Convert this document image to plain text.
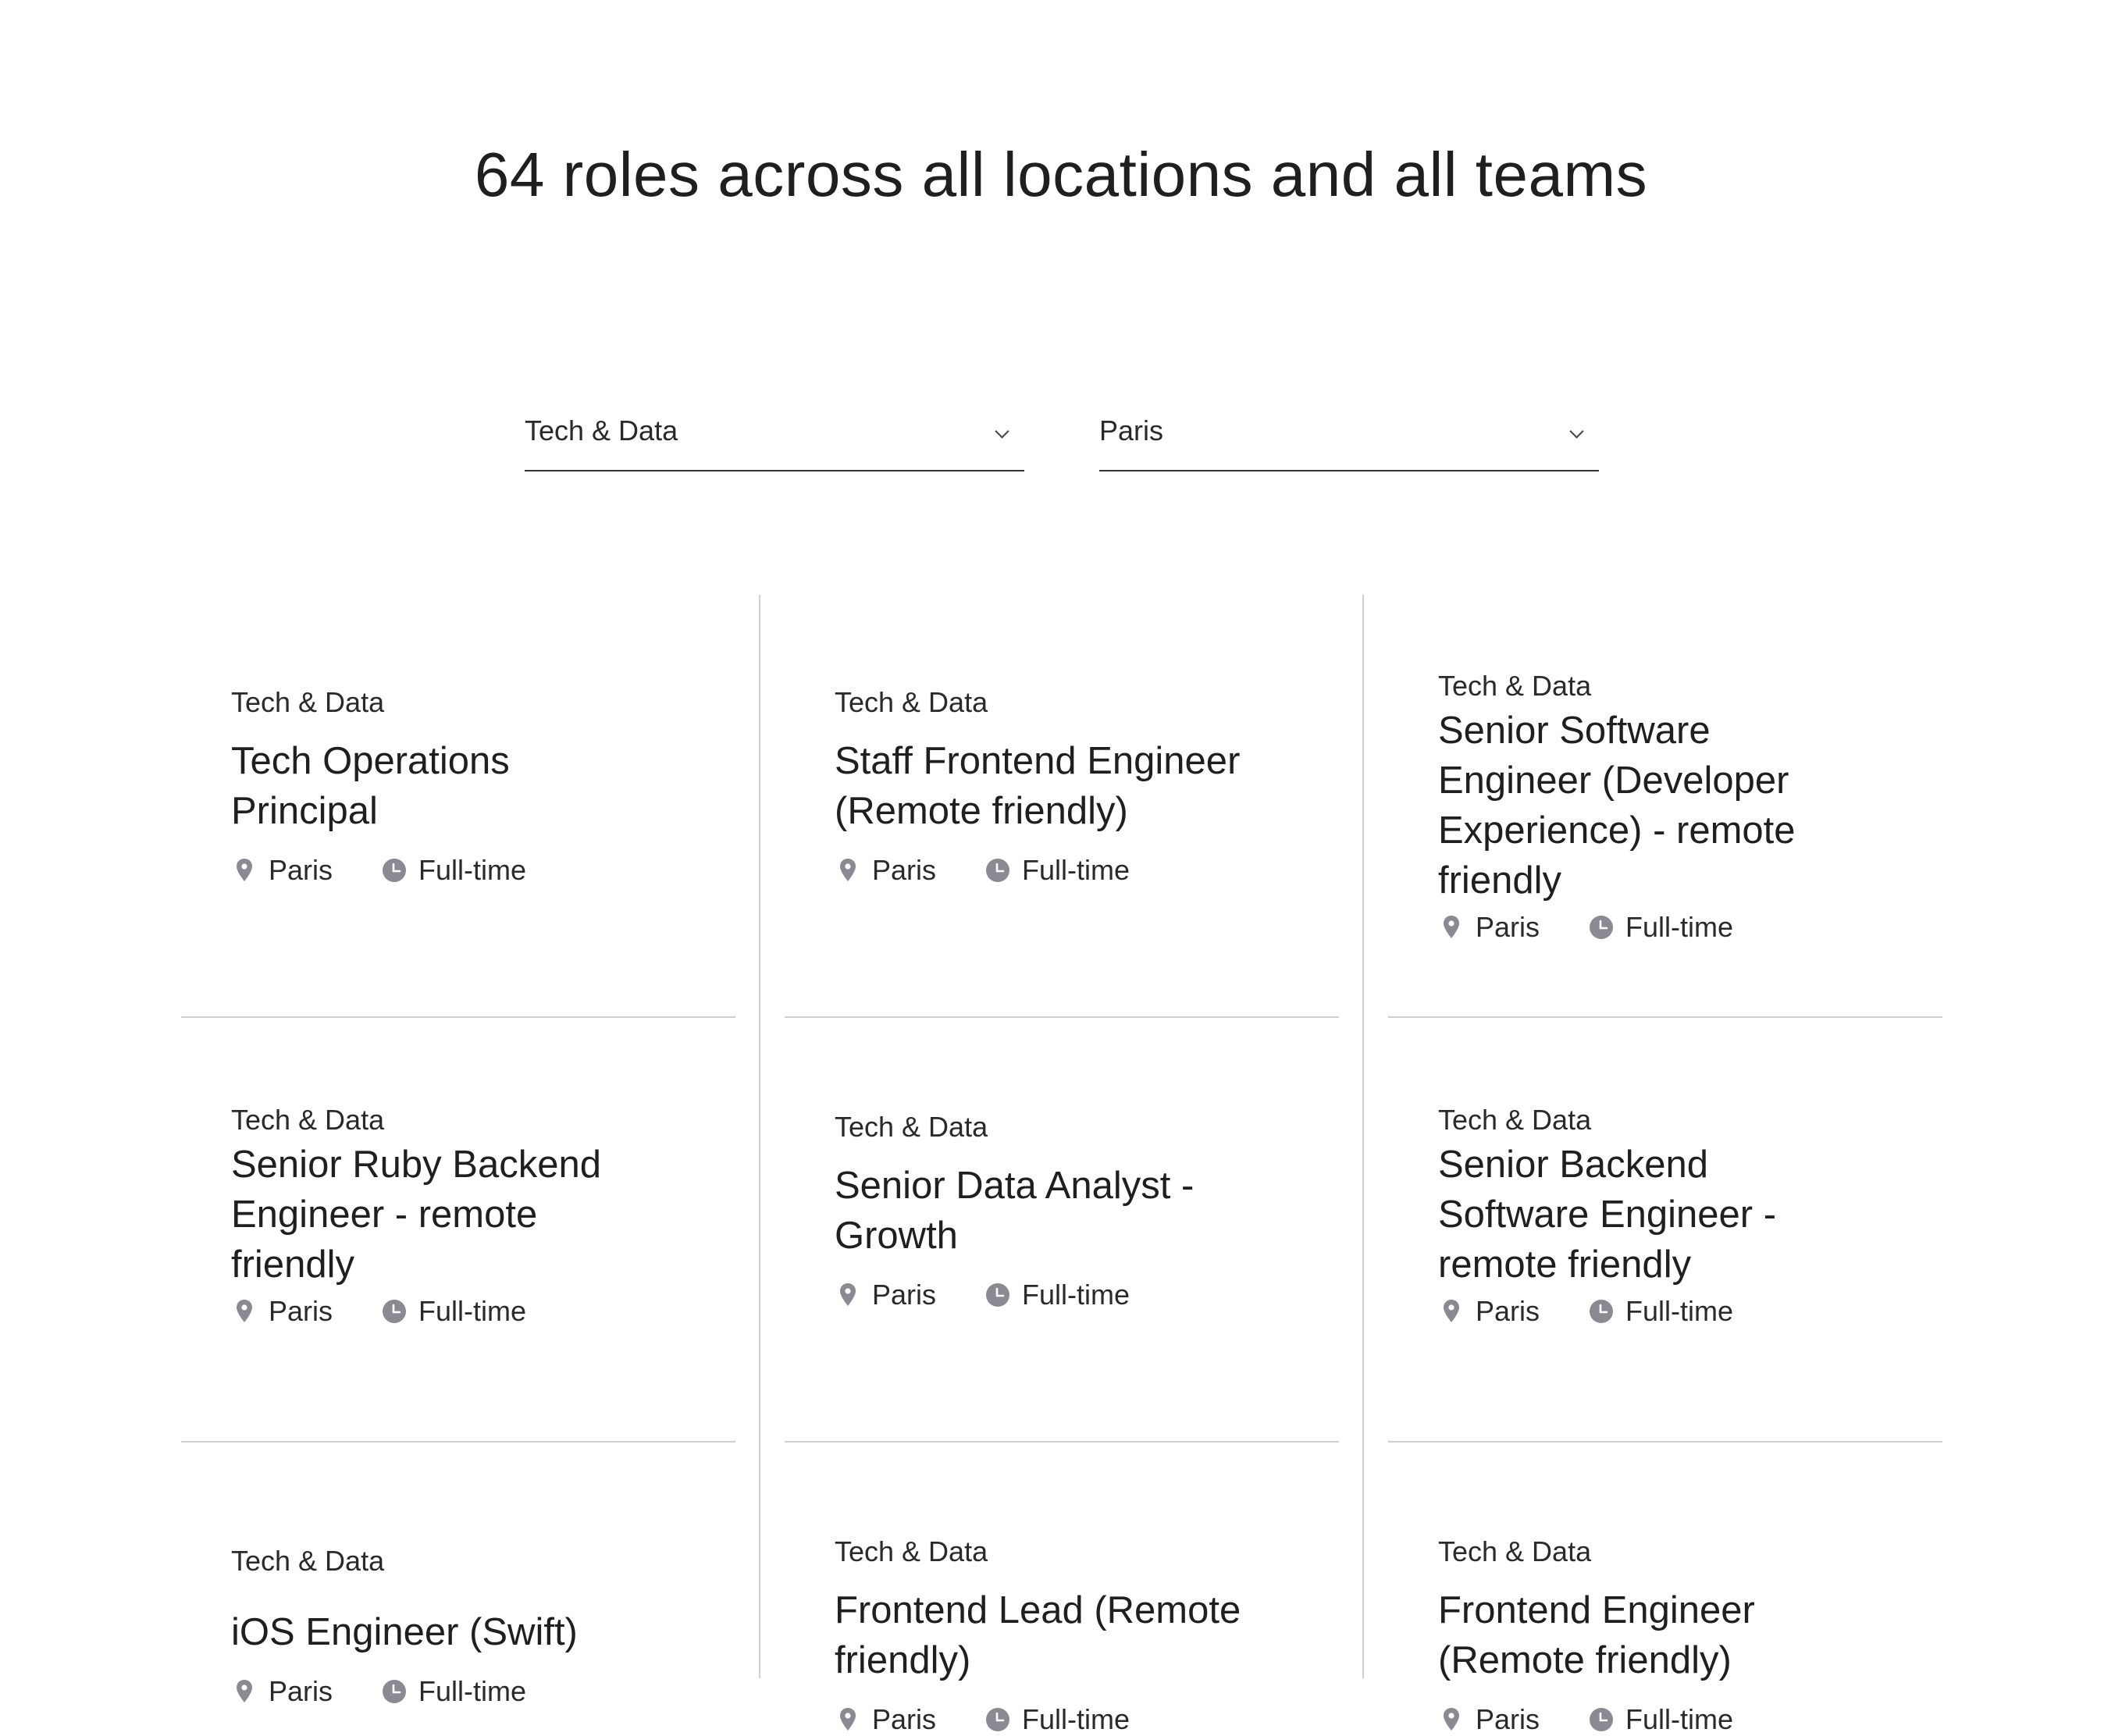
64 roles across all locations and all teams
Tech & Data	Paris
Tech & Data
Tech Operations Principal
Paris	Full-time
Tech & Data
Staff Frontend Engineer (Remote friendly)
Paris	Full-time
Tech & Data
Senior Software Engineer (Developer Experience) - remote friendly
Paris	Full-time
Tech & Data
Senior Ruby Backend Engineer - remote friendly
Paris	Full-time
Tech & Data
Senior Data Analyst - Growth
Paris	Full-time
Tech & Data
Senior Backend Software Engineer - remote friendly
Paris	Full-time
Tech & Data
iOS Engineer (Swift)
Paris	Full-time
Tech & Data
Frontend Lead (Remote friendly)
Paris	Full-time
Tech & Data
Frontend Engineer (Remote friendly)
Paris	Full-time
